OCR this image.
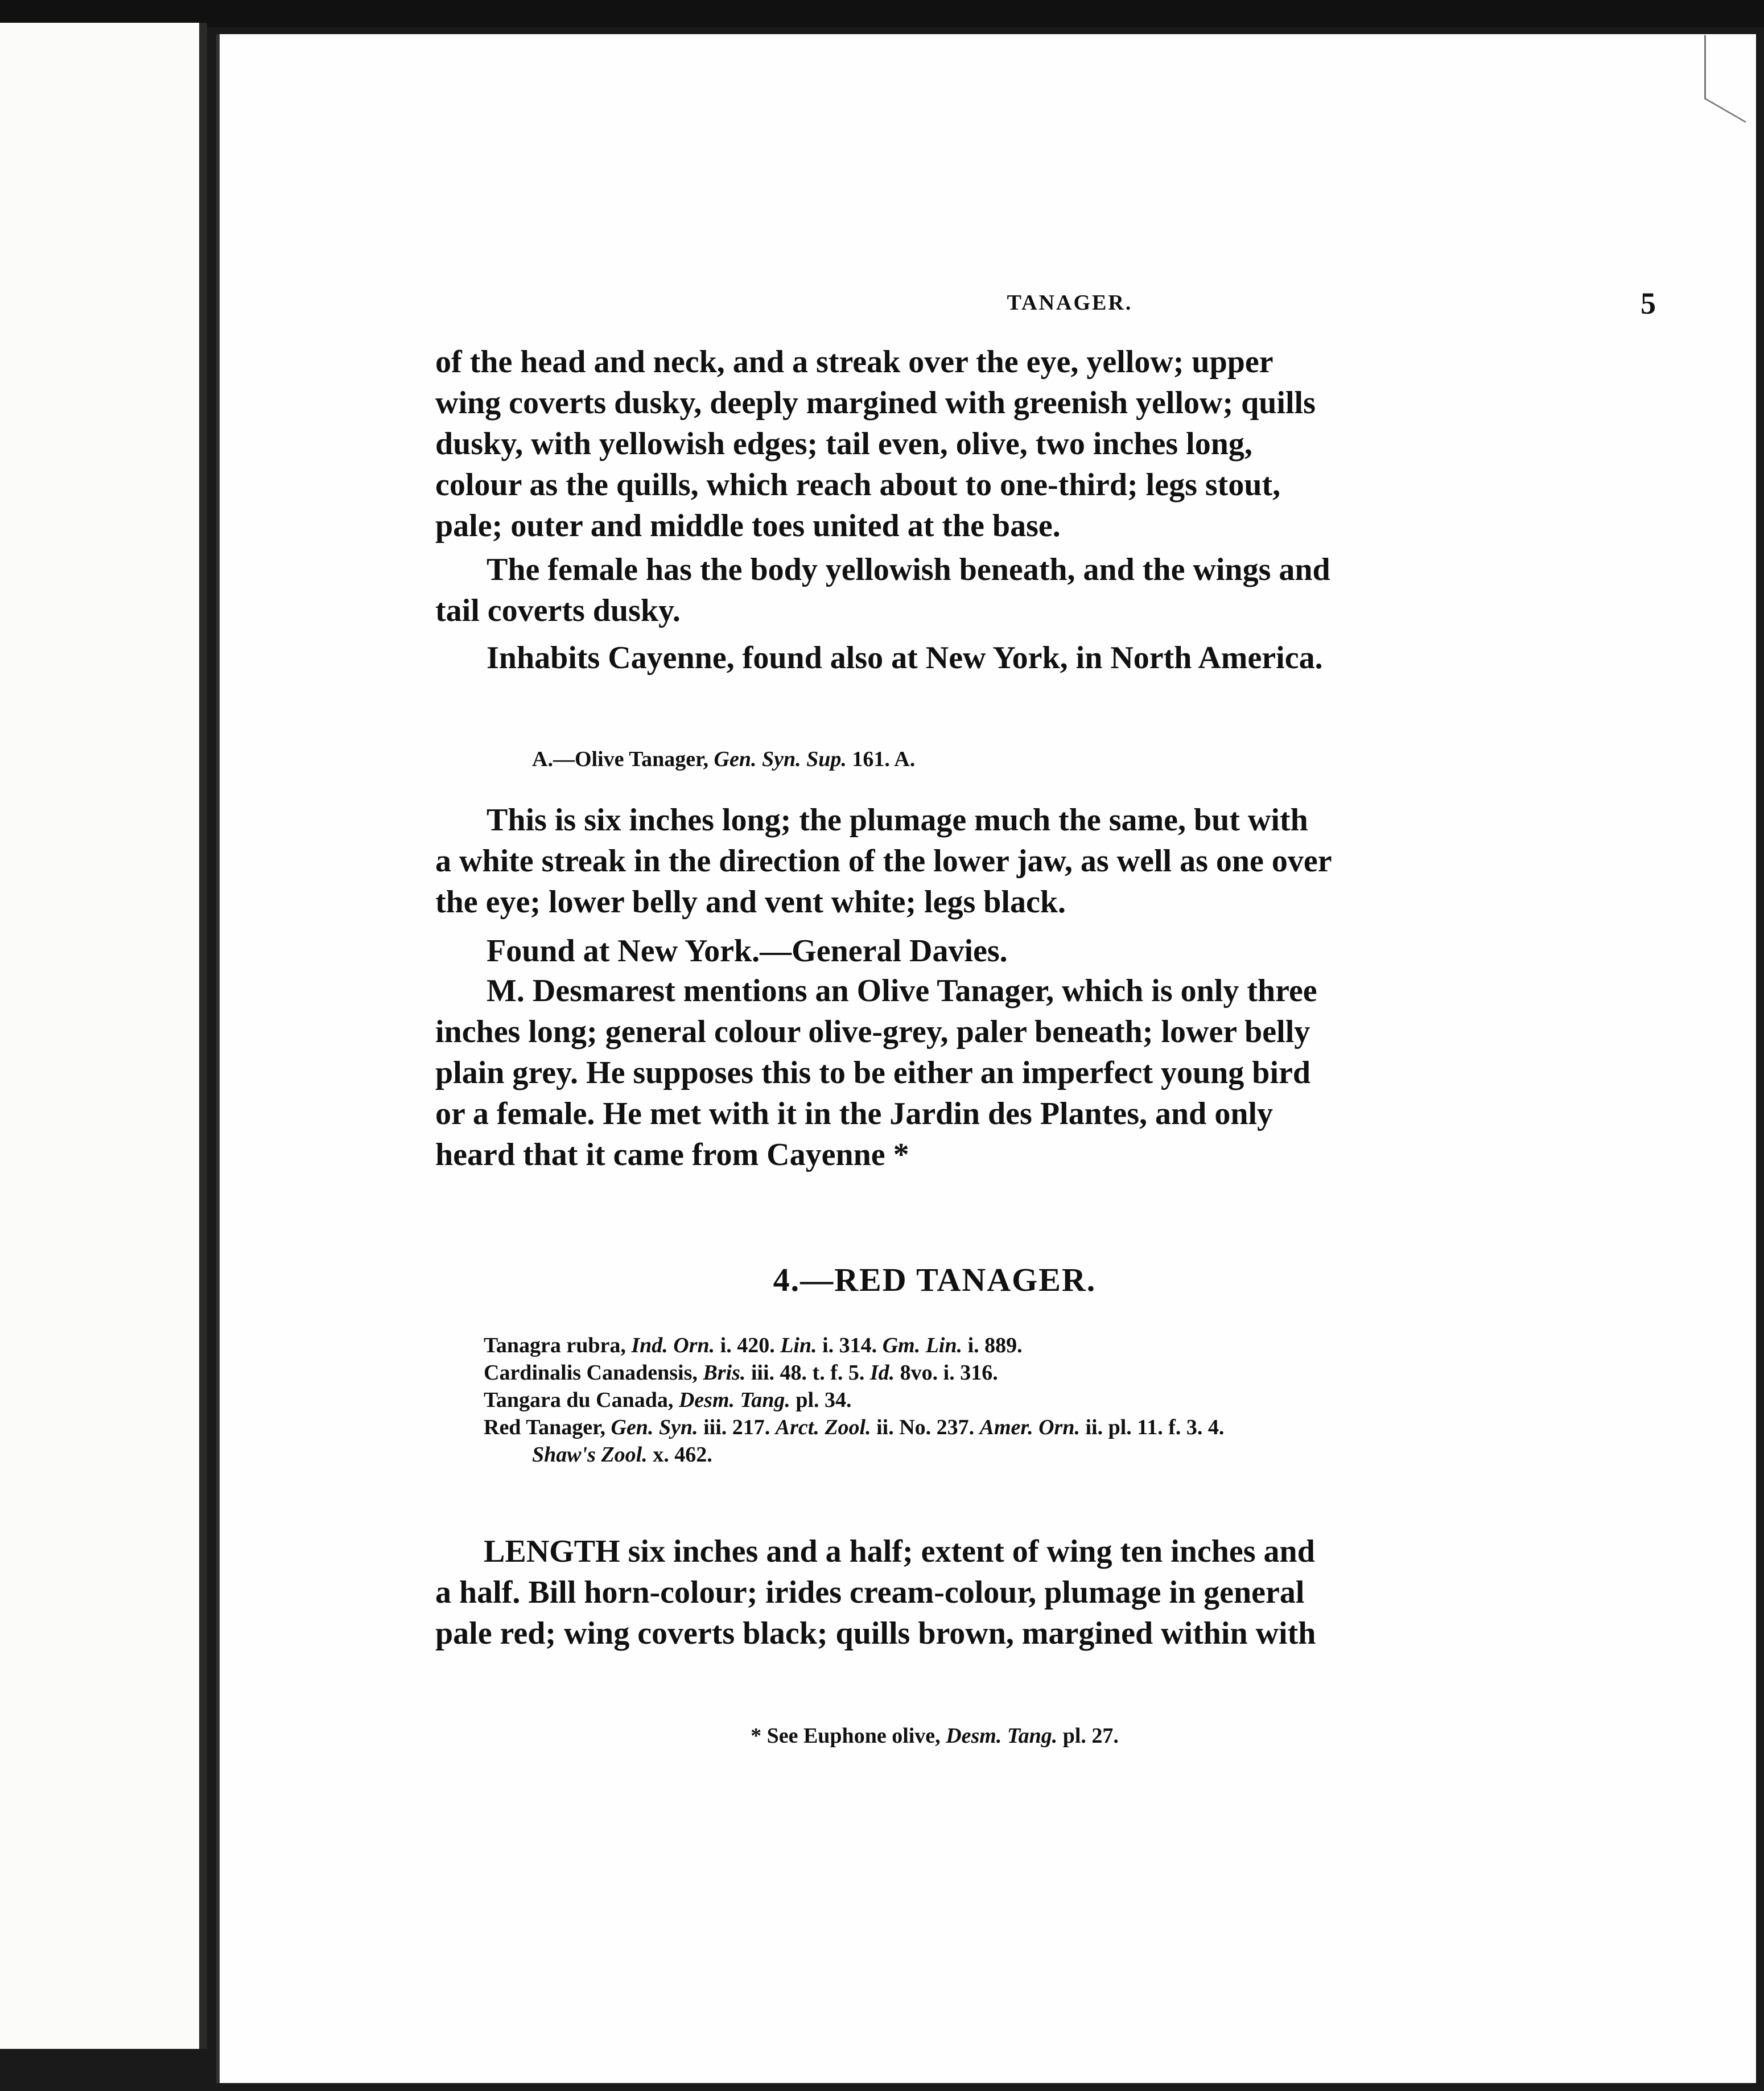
TANAGER.	5

of the head and neck, and a streak over the eye, yellow; upper

wing coverts dusky, deeply margined with greenish yellow; quills

dusky, with yellowish edges; tail even, olive, two inches long,

colour as the quills, which reach about to one-third; legs stout,

pale; outer and middle toes united at the base.

The female has the body yellowish beneath, and the wings and

tail coverts dusky.

Inhabits Cayenne, found also at New York, in North America.

A.—Olive Tanager, Gen. Syn. Sup. 161. A.

This is six inches long; the plumage much the same, but with

a white streak in the direction of the lower jaw, as well as one over

the eye; lower belly and vent white; legs black.

Found at New York.—General Davies.

M. Desmarest mentions an Olive Tanager, which is only three

inches long; general colour olive-grey, paler beneath; lower belly

plain grey. He supposes this to be either an imperfect young bird

or a female. He met with it in the Jardin des Plantes, and only

heard that it came from Cayenne *

4.—RED TANAGER.

Tanagra rubra, Ind. Orn. i. 420. Lin. i. 314. Gm. Lin. i. 889.

Cardinalis Canadensis, Bris. iii. 48. t. f. 5. Id. 8vo. i. 316.

Tangara du Canada, Desm. Tang. pl. 34.

Red Tanager, Gen. Syn. iii. 217. Arct. Zool. ii. No. 237. Amer. Orn. ii. pl. 11. f. 3. 4.

Shaw's Zool. x. 462.

LENGTH six inches and a half; extent of wing ten inches and

a half. Bill horn-colour; irides cream-colour, plumage in general

pale red; wing coverts black; quills brown, margined within with

* See Euphone olive, Desm. Tang. pl. 27.
